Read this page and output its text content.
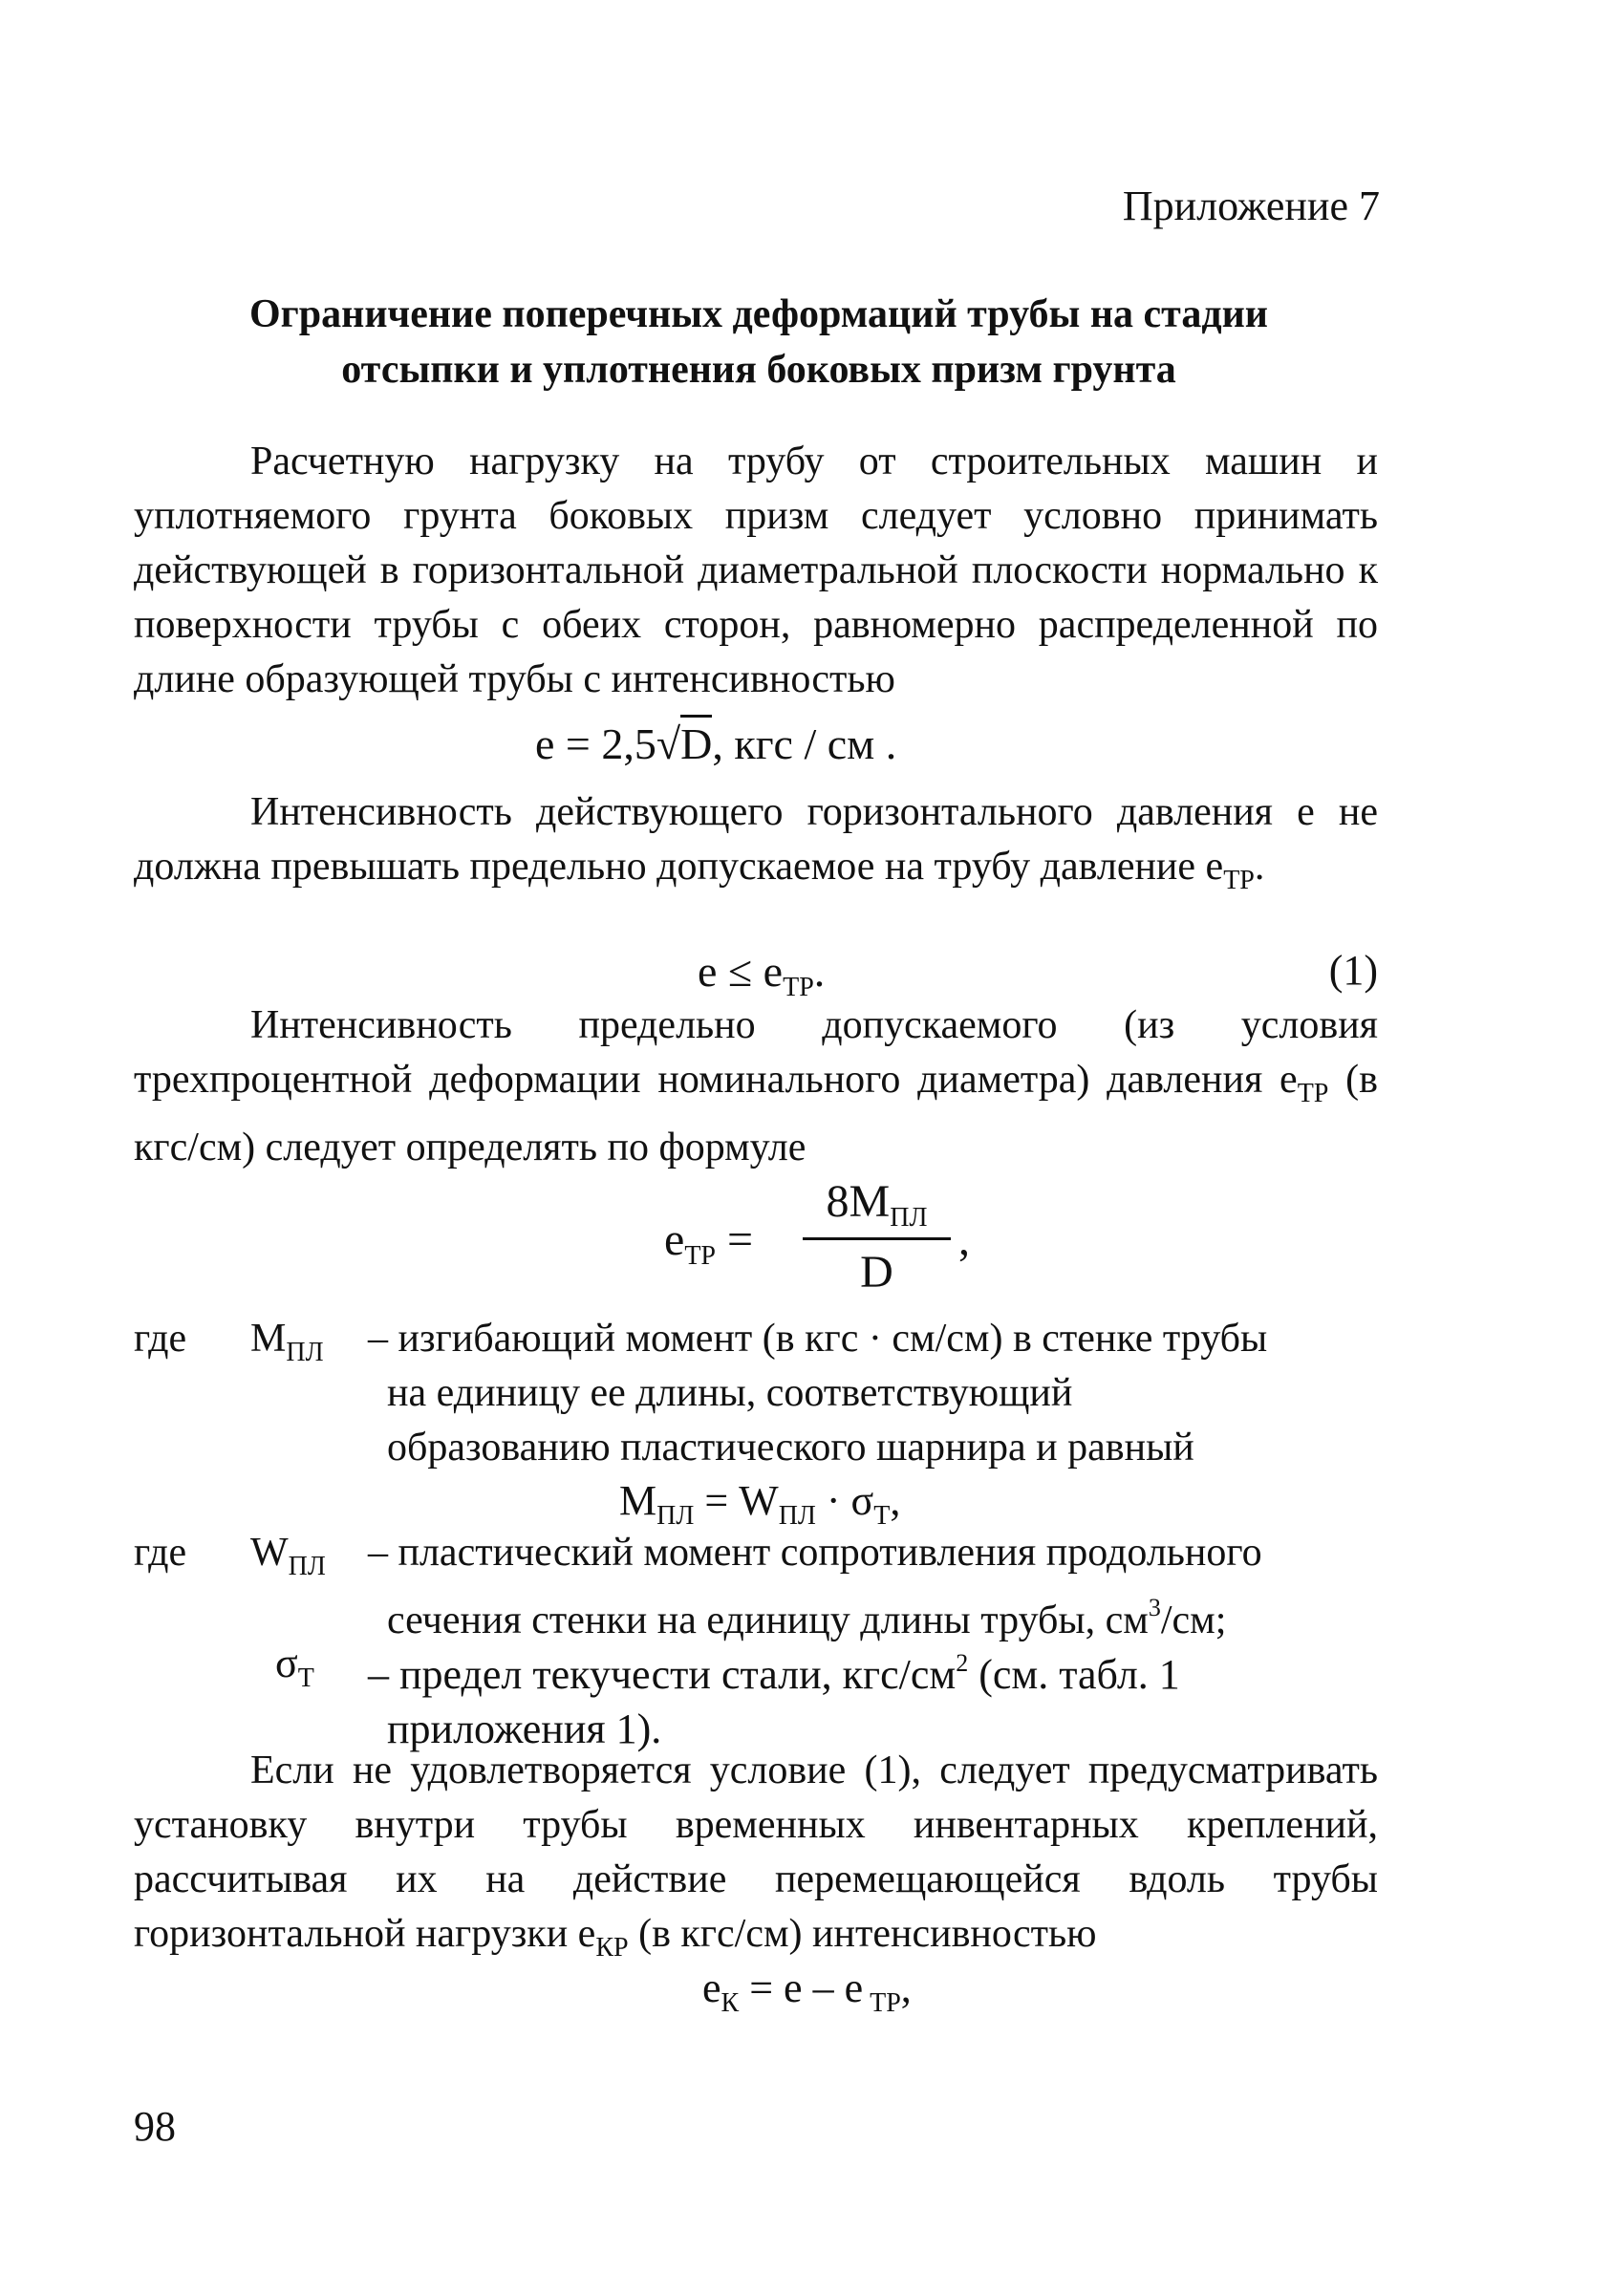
Приложение 7
Ограничение поперечных деформаций трубы на стадии
отсыпки и уплотнения боковых призм грунта
Расчетную нагрузку на трубу от строительных машин и уплотняемого грунта боковых призм следует условно принимать действующей в горизонтальной диаметральной плоскости нормально к поверхности трубы с обеих сторон, равномерно распределенной по длине образующей трубы с интенсивностью
е = 2,5√D, кгс / см .
Интенсивность действующего горизонтального давления е не должна превышать предельно допускаемое на трубу давление $е_{ТР}$.
$е \le е_{ТР}$.	(1)
Интенсивность предельно допускаемого (из условия трехпроцентной деформации номинального диаметра) давления $е_{ТР}$ (в кгс/см) следует определять по формуле
$е_{ТР}$ =
$8M_{ПЛ}$
D
,
где $M_{ПЛ}$ – изгибающий момент (в кгс · см/см) в стенке трубы
на единицу ее длины, соответствующий
образованию пластического шарнира и равный
$M_{ПЛ} = W_{ПЛ} \cdot \sigma_Т$,
где $W_{ПЛ}$ – пластический момент сопротивления продольного
сечения стенки на единицу длины трубы, $см^3/см$;
$\sigma_Т$ – предел текучести стали, кгс/$см^2$ (см. табл. 1
приложения 1).
Если не удовлетворяется условие (1), следует предусматривать установку внутри трубы временных инвентарных креплений, рассчитывая их на действие перемещающейся вдоль трубы горизонтальной нагрузки $е_{КР}$ (в кгс/см) интенсивностью
$е_К = е - е$ $_{ТР}$,
98
